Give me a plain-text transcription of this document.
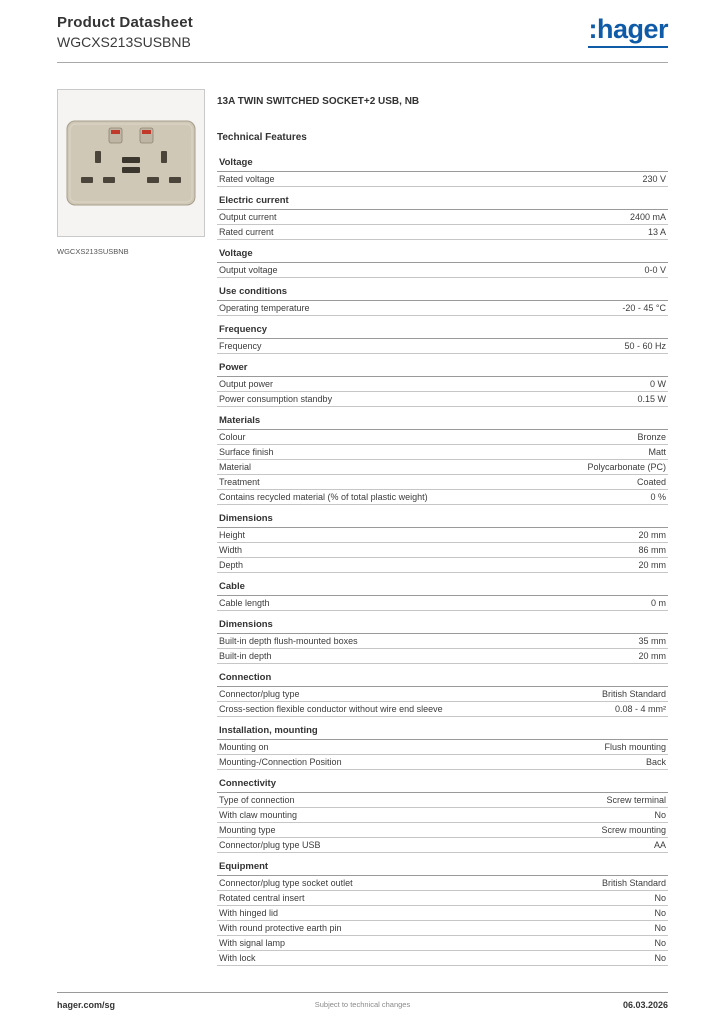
Product Datasheet
WGCXS213SUSBNB	:hager
WGCXS213SUSBNB
13A TWIN SWITCHED SOCKET+2 USB, NB
Technical Features
Voltage
Rated voltage	230 V
Electric current
Output current	2400 mA
Rated current	13 A
Voltage
Output voltage	0-0 V
Use conditions
Operating temperature	-20 - 45 °C
Frequency
Frequency	50 - 60 Hz
Power
Output power	0 W
Power consumption standby	0.15 W
Materials
Colour	Bronze
Surface finish	Matt
Material	Polycarbonate (PC)
Treatment	Coated
Contains recycled material (% of total plastic weight)	0 %
Dimensions
Height	20 mm
Width	86 mm
Depth	20 mm
Cable
Cable length	0 m
Dimensions
Built-in depth flush-mounted boxes	35 mm
Built-in depth	20 mm
Connection
Connector/plug type	British Standard
Cross-section flexible conductor without wire end sleeve	0.08 - 4 mm²
Installation, mounting
Mounting on	Flush mounting
Mounting-/Connection Position	Back
Connectivity
Type of connection	Screw terminal
With claw mounting	No
Mounting type	Screw mounting
Connector/plug type USB	AA
Equipment
Connector/plug type socket outlet	British Standard
Rotated central insert	No
With hinged lid	No
With round protective earth pin	No
With signal lamp	No
With lock	No
hager.com/sg	Subject to technical changes	06.03.2026
